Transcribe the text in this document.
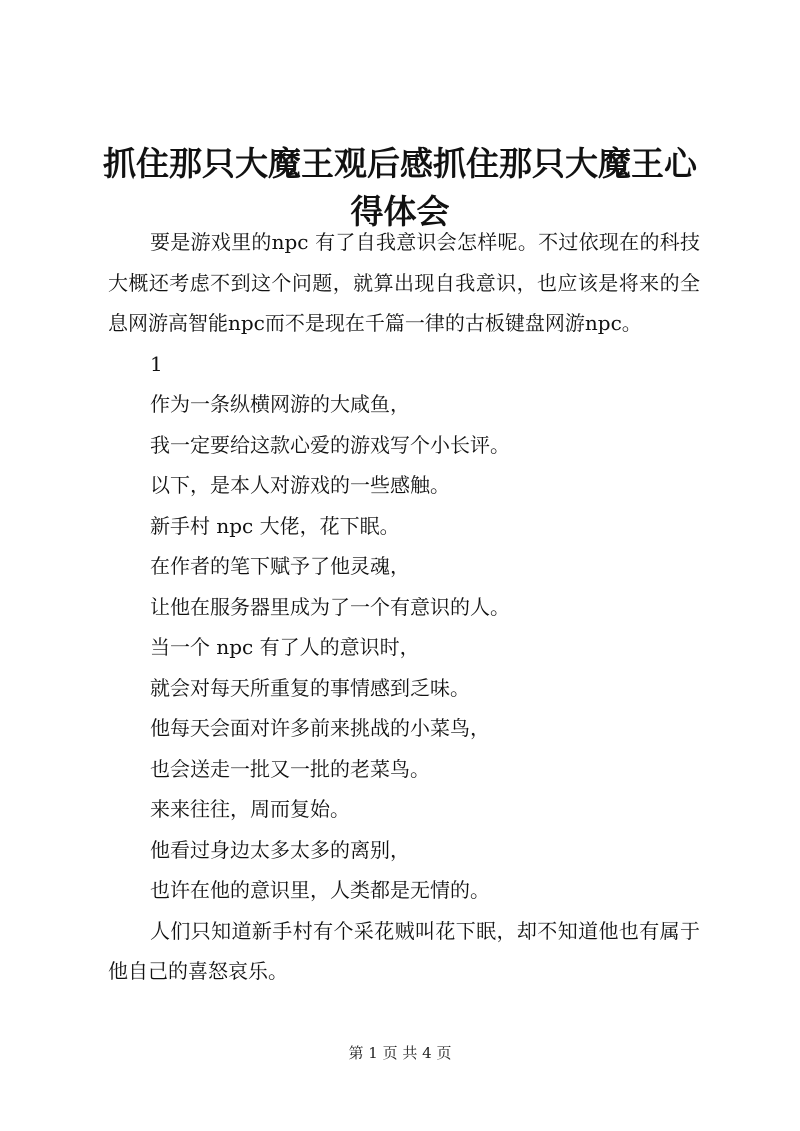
抓住那只大魔王观后感抓住那只大魔王心得体会

要是游戏里的npc 有了自我意识会怎样呢。不过依现在的科技大概还考虑不到这个问题，就算出现自我意识，也应该是将来的全息网游高智能npc而不是现在千篇一律的古板键盘网游npc。

1

作为一条纵横网游的大咸鱼，

我一定要给这款心爱的游戏写个小长评。

以下，是本人对游戏的一些感触。

新手村 npc 大佬，花下眠。

在作者的笔下赋予了他灵魂，

让他在服务器里成为了一个有意识的人。

当一个 npc 有了人的意识时，

就会对每天所重复的事情感到乏味。

他每天会面对许多前来挑战的小菜鸟，

也会送走一批又一批的老菜鸟。

来来往往，周而复始。

他看过身边太多太多的离别，

也许在他的意识里，人类都是无情的。

人们只知道新手村有个采花贼叫花下眠，却不知道他也有属于他自己的喜怒哀乐。

第 1 页 共 4 页
